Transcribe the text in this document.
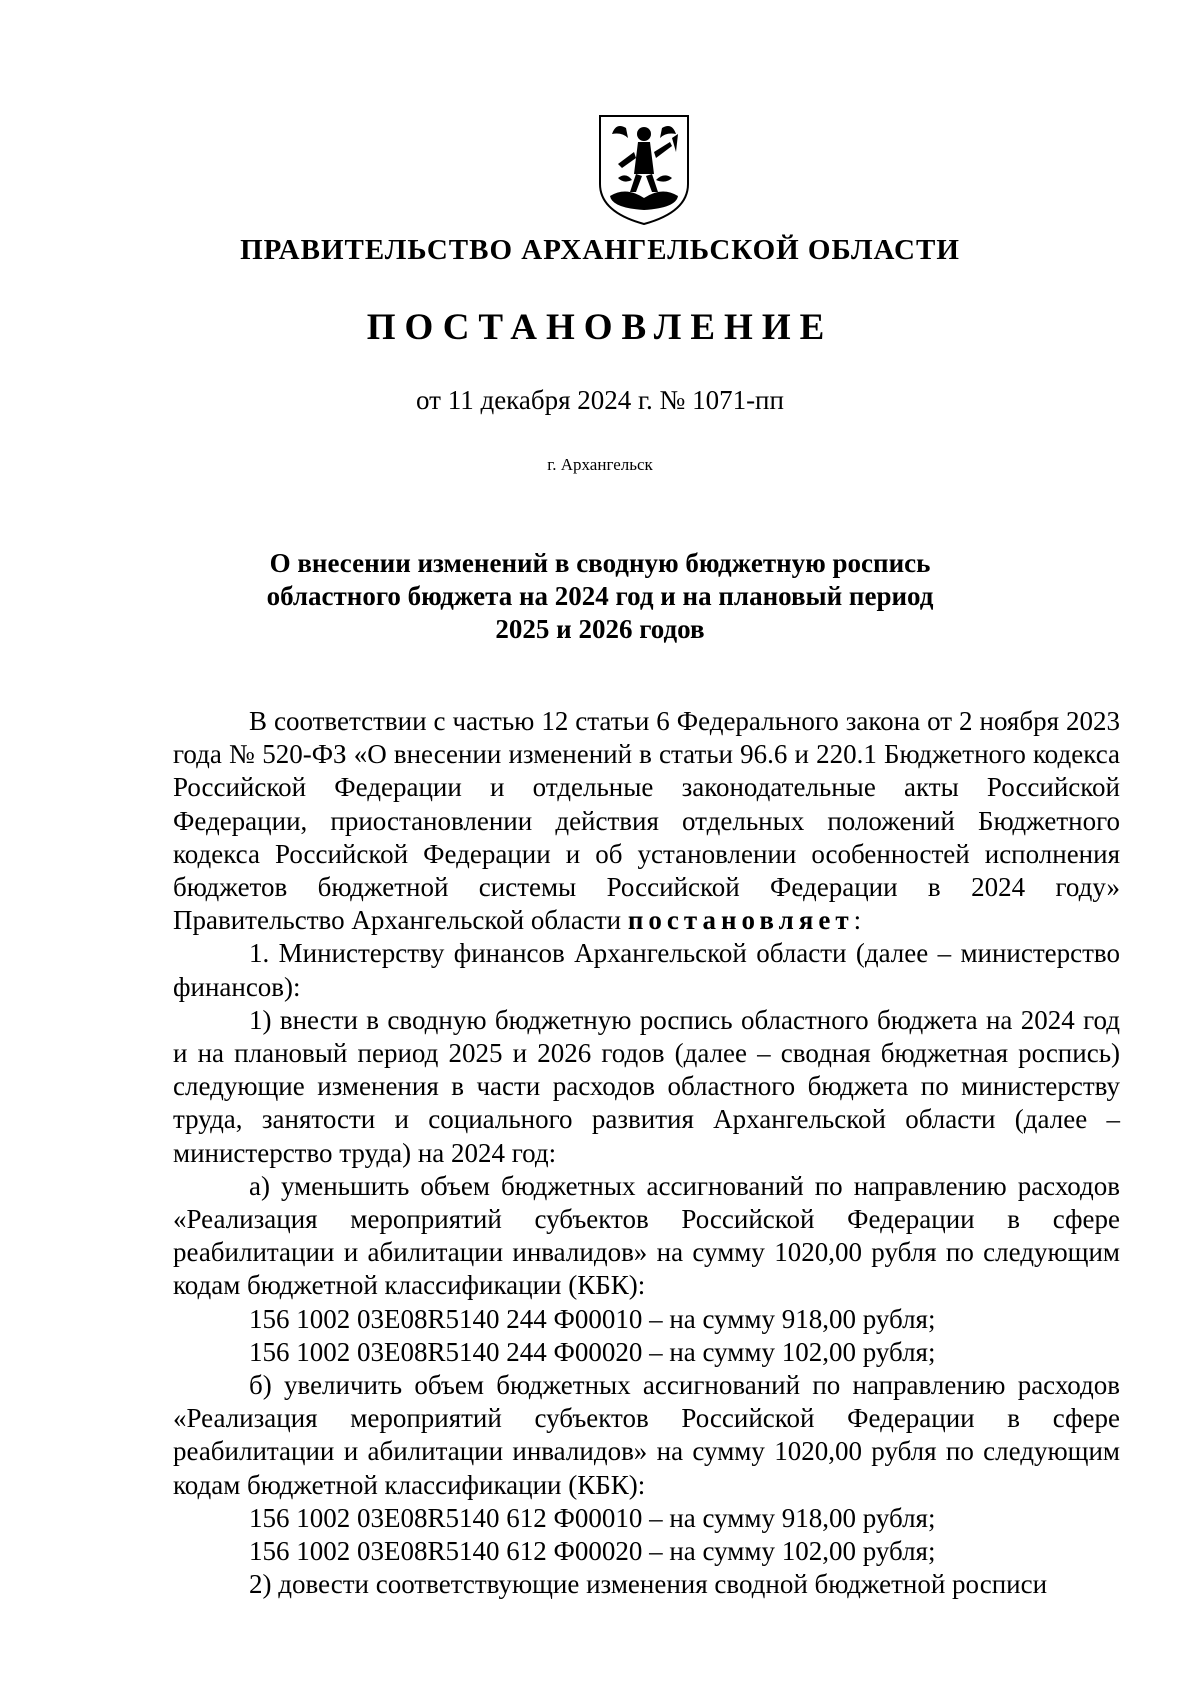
ПРАВИТЕЛЬСТВО АРХАНГЕЛЬСКОЙ ОБЛАСТИ
ПОСТАНОВЛЕНИЕ

от 11 декабря 2024 г. № 1071-пп

г. Архангельск

О внесении изменений в сводную бюджетную роспись
областного бюджета на 2024 год и на плановый период
2025 и 2026 годов

В соответствии с частью 12 статьи 6 Федерального закона от 2 ноября 2023 года № 520-ФЗ «О внесении изменений в статьи 96.6 и 220.1 Бюджетного кодекса Российской Федерации и отдельные законодательные акты Российской Федерации, приостановлении действия отдельных положений Бюджетного кодекса Российской Федерации и об установлении особенностей исполнения бюджетов бюджетной системы Российской Федерации в 2024 году» Правительство Архангельской области постановляет:

1. Министерству финансов Архангельской области (далее – министерство финансов):

1) внести в сводную бюджетную роспись областного бюджета на 2024 год и на плановый период 2025 и 2026 годов (далее – сводная бюджетная роспись) следующие изменения в части расходов областного бюджета по министерству труда, занятости и социального развития Архангельской области (далее – министерство труда) на 2024 год:

а) уменьшить объем бюджетных ассигнований по направлению расходов «Реализация мероприятий субъектов Российской Федерации в сфере реабилитации и абилитации инвалидов» на сумму 1020,00 рубля по следующим кодам бюджетной классификации (КБК):

156 1002 03Е08R5140 244 Ф00010 – на сумму 918,00 рубля;

156 1002 03Е08R5140 244 Ф00020 – на сумму 102,00 рубля;

б) увеличить объем бюджетных ассигнований по направлению расходов «Реализация мероприятий субъектов Российской Федерации в сфере реабилитации и абилитации инвалидов» на сумму 1020,00 рубля по следующим кодам бюджетной классификации (КБК):

156 1002 03Е08R5140 612 Ф00010 – на сумму 918,00 рубля;

156 1002 03Е08R5140 612 Ф00020 – на сумму 102,00 рубля;

2) довести соответствующие изменения сводной бюджетной росписи
